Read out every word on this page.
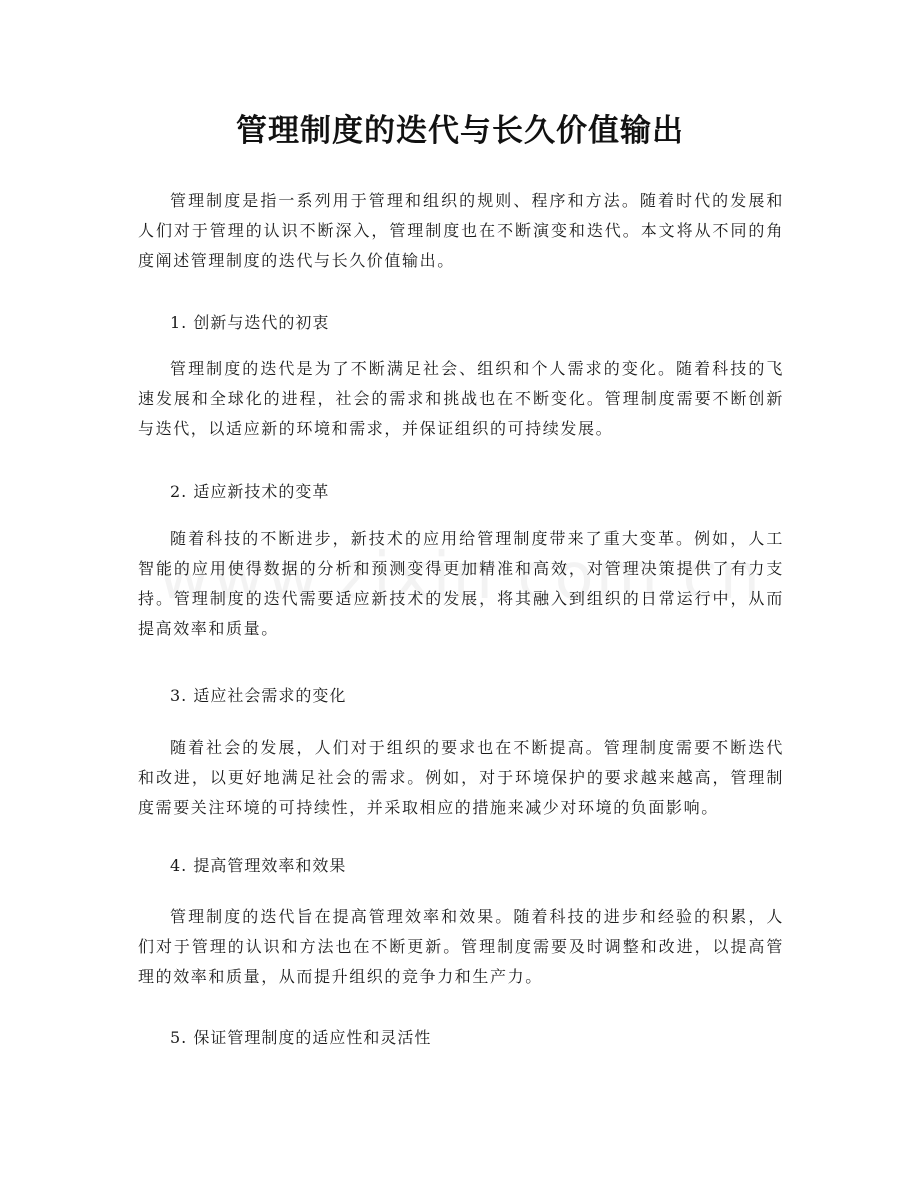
管理制度的迭代与长久价值输出

管理制度是指一系列用于管理和组织的规则、程序和方法。随着时代的发展和人们对于管理的认识不断深入，管理制度也在不断演变和迭代。本文将从不同的角度阐述管理制度的迭代与长久价值输出。

1. 创新与迭代的初衷

管理制度的迭代是为了不断满足社会、组织和个人需求的变化。随着科技的飞速发展和全球化的进程，社会的需求和挑战也在不断变化。管理制度需要不断创新与迭代，以适应新的环境和需求，并保证组织的可持续发展。

2. 适应新技术的变革

随着科技的不断进步，新技术的应用给管理制度带来了重大变革。例如，人工智能的应用使得数据的分析和预测变得更加精准和高效，对管理决策提供了有力支持。管理制度的迭代需要适应新技术的发展，将其融入到组织的日常运行中，从而提高效率和质量。

3. 适应社会需求的变化

随着社会的发展，人们对于组织的要求也在不断提高。管理制度需要不断迭代和改进，以更好地满足社会的需求。例如，对于环境保护的要求越来越高，管理制度需要关注环境的可持续性，并采取相应的措施来减少对环境的负面影响。

4. 提高管理效率和效果

管理制度的迭代旨在提高管理效率和效果。随着科技的进步和经验的积累，人们对于管理的认识和方法也在不断更新。管理制度需要及时调整和改进，以提高管理的效率和质量，从而提升组织的竞争力和生产力。

5. 保证管理制度的适应性和灵活性
